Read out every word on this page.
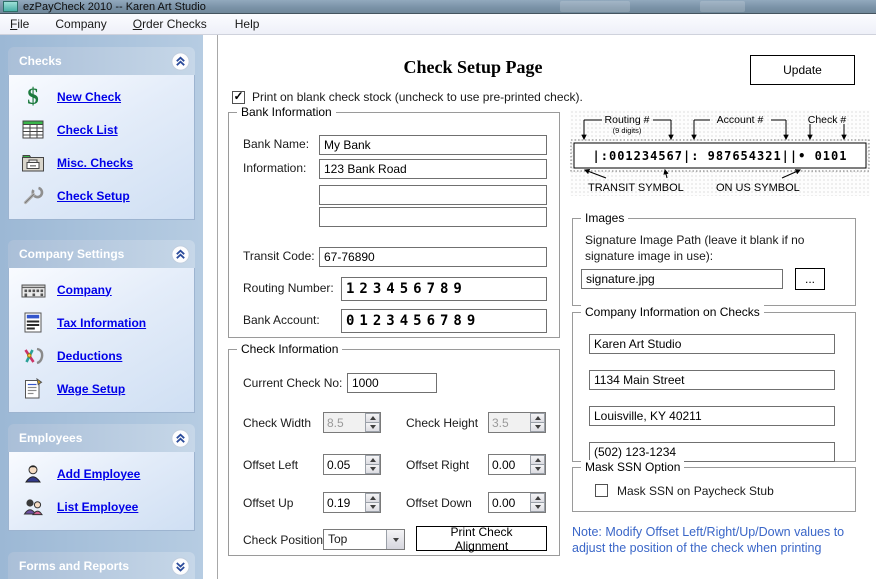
ezPayCheck 2010 -- Karen Art Studio
File	Company	Order Checks	Help
Checks
$ New Check
Check List
Misc. Checks
Check Setup
Company Settings
Company
Tax Information
Deductions
Wage Setup
Employees
Add Employee
List Employee
Forms and Reports
Check Setup Page	Update
✓
Print on blank check stock (uncheck to use pre-printed check).
Bank Information
Bank Name:
My Bank
Information:
123 Bank Road
Transit Code:
67-76890
Routing Number:
123456789
Bank Account:
0123456789
Check Information
Current Check No:
1000
Check Width
8.5	Check Height
3.5
Offset Left
0.05	Offset Right
0.00
Offset Up
0.19	Offset Down
0.00
Check Position Top
Print Check Alignment
Routing #
(9 digits)
Account #	Check #
|:001234567|: 987654321||• 0101
TRANSIT SYMBOL	ON US SYMBOL
Images
Signature Image Path (leave it blank if no signature image in use):
signature.jpg
...
Company Information on Checks
Karen Art Studio
1134 Main Street
Louisville, KY 40211
(502) 123-1234
Mask SSN Option
Mask SSN on Paycheck Stub
Note: Modify Offset Left/Right/Up/Down values to adjust the position of the check when printing
